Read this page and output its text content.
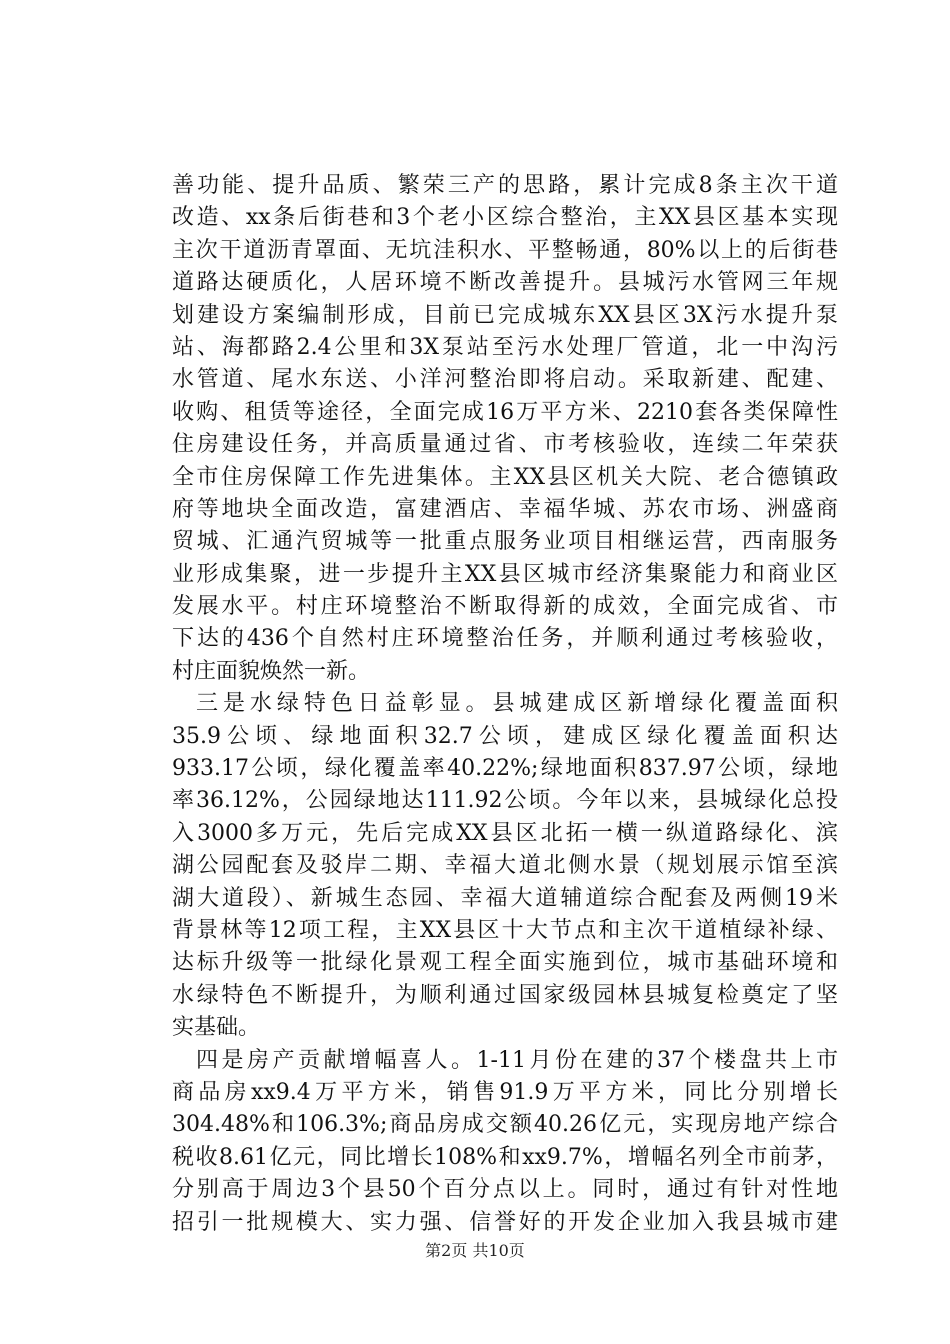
善功能、提升品质、繁荣三产的思路，累计完成8条主次干道
改造、xx条后街巷和3个老小区综合整治，主XX县区基本实现
主次干道沥青罩面、无坑洼积水、平整畅通，80%以上的后街巷
道路达硬质化，人居环境不断改善提升。县城污水管网三年规
划建设方案编制形成，目前已完成城东XX县区3X污水提升泵
站、海都路2.4公里和3X泵站至污水处理厂管道，北一中沟污
水管道、尾水东送、小洋河整治即将启动。采取新建、配建、
收购、租赁等途径，全面完成16万平方米、2210套各类保障性
住房建设任务，并高质量通过省、市考核验收，连续二年荣获
全市住房保障工作先进集体。主XX县区机关大院、老合德镇政
府等地块全面改造，富建酒店、幸福华城、苏农市场、洲盛商
贸城、汇通汽贸城等一批重点服务业项目相继运营，西南服务
业形成集聚，进一步提升主XX县区城市经济集聚能力和商业区
发展水平。村庄环境整治不断取得新的成效，全面完成省、市
下达的436个自然村庄环境整治任务，并顺利通过考核验收，
村庄面貌焕然一新。
三是水绿特色日益彰显。县城建成区新增绿化覆盖面积
35.9公顷、绿地面积32.7公顷，建成区绿化覆盖面积达
933.17公顷，绿化覆盖率40.22%;绿地面积837.97公顷，绿地
率36.12%，公园绿地达111.92公顷。今年以来，县城绿化总投
入3000多万元，先后完成XX县区北拓一横一纵道路绿化、滨
湖公园配套及驳岸二期、幸福大道北侧水景（规划展示馆至滨
湖大道段）、新城生态园、幸福大道辅道综合配套及两侧19米
背景林等12项工程，主XX县区十大节点和主次干道植绿补绿、
达标升级等一批绿化景观工程全面实施到位，城市基础环境和
水绿特色不断提升，为顺利通过国家级园林县城复检奠定了坚
实基础。
四是房产贡献增幅喜人。1-11月份在建的37个楼盘共上市
商品房xx9.4万平方米，销售91.9万平方米，同比分别增长
304.48%和106.3%;商品房成交额40.26亿元，实现房地产综合
税收8.61亿元，同比增长108%和xx9.7%，增幅名列全市前茅，
分别高于周边3个县50个百分点以上。同时，通过有针对性地
招引一批规模大、实力强、信誉好的开发企业加入我县城市建
第2页 共10页
